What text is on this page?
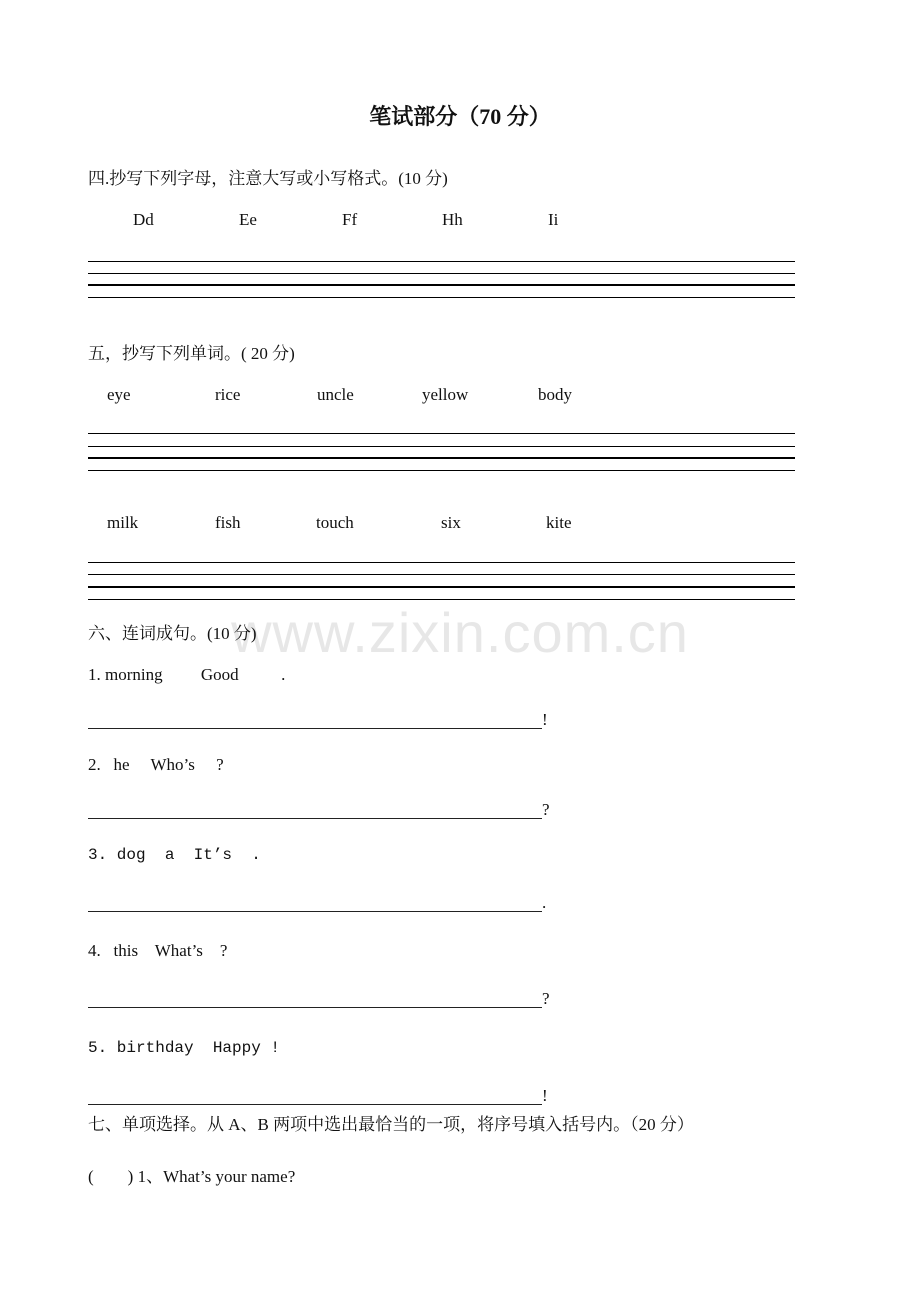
笔试部分（70 分）
四.抄写下列字母，注意大写或小写格式。(10 分)
Dd	Ee	Ff	Hh	Ii
五，抄写下列单词。( 20 分)
eye	rice	uncle	yellow	body
milk	fish	touch	six	kite
www.zixin.com.cn
六、连词成句。(10 分)
1. morning         Good          .
!
2.   he     Who’s     ?
?
3. dog  a  It’s  .
.
4.   this    What’s    ?
?
5. birthday  Happy !
!
七、单项选择。从 A、B 两项中选出最恰当的一项，将序号填入括号内。（20 分）
(        ) 1、What’s your name?
